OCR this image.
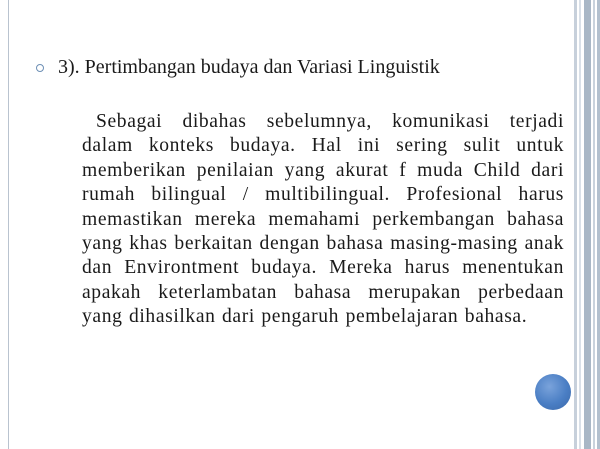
3). Pertimbangan budaya dan Variasi Linguistik

Sebagai dibahas sebelumnya, komunikasi terjadi dalam konteks budaya. Hal ini sering sulit untuk memberikan penilaian yang akurat f muda Child dari rumah bilingual / multibilingual. Profesional harus memastikan mereka memahami perkembangan bahasa yang khas berkaitan dengan bahasa masing-masing anak dan Environtment budaya. Mereka harus menentukan apakah keterlambatan bahasa merupakan perbedaan yang dihasilkan dari pengaruh pembelajaran bahasa.
